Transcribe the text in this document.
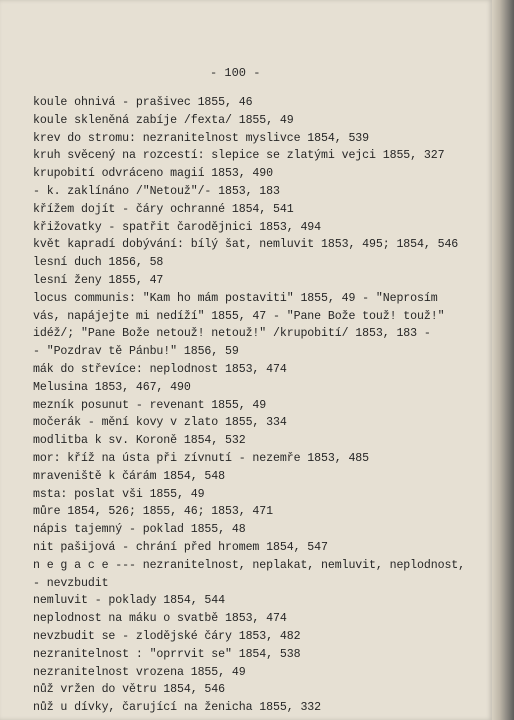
- 100 -
koule ohnivá - prašivec 1855, 46
koule skleněná zabíje /fexta/ 1855, 49
krev do stromu: nezranitelnost myslivce 1854, 539
kruh svěcený na rozcestí: slepice se zlatými vejci 1855, 327
krupobití odvráceno magií 1853, 490
- k. zaklínáno /"Netouž"/- 1853, 183
křížem dojít - čáry ochranné 1854, 541
křižovatky - spatřit čarodějnici 1853, 494
květ kapradí dobývání: bílý šat, nemluvit 1853, 495; 1854, 546
lesní duch 1856, 58
lesní ženy 1855, 47
locus communis: "Kam ho mám postaviti" 1855, 49 - "Neprosím
vás, napájejte mi nedíží" 1855, 47 - "Pane Bože touž! touž!"
idéž/; "Pane Bože netouž! netouž!" /krupobití/ 1853, 183 -
- "Pozdrav tě Pánbu!" 1856, 59
mák do střevíce: neplodnost 1853, 474
Melusina 1853, 467, 490
mezník posunut - revenant 1855, 49
močerák - mění kovy v zlato 1855, 334
modlitba k sv. Koroně 1854, 532
mor: kříž na ústa při zívnutí - nezemře 1853, 485
mraveniště k čárám 1854, 548
msta: poslat vši 1855, 49
můre 1854, 526; 1855, 46; 1853, 471
nápis tajemný - poklad 1855, 48
nit pašijová - chrání před hromem 1854, 547
n e g a c e --- nezranitelnost, neplakat, nemluvit, neplodnost,
- nevzbudit
nemluvit - poklady 1854, 544
neplodnost na máku o svatbě 1853, 474
nevzbudit se - zlodějské čáry 1853, 482
nezranitelnost : "oprrvit se" 1854, 538
nezranitelnost vrozena 1855, 49
nůž vržen do větru 1854, 546
nůž u dívky, čarující na ženicha 1855, 332
